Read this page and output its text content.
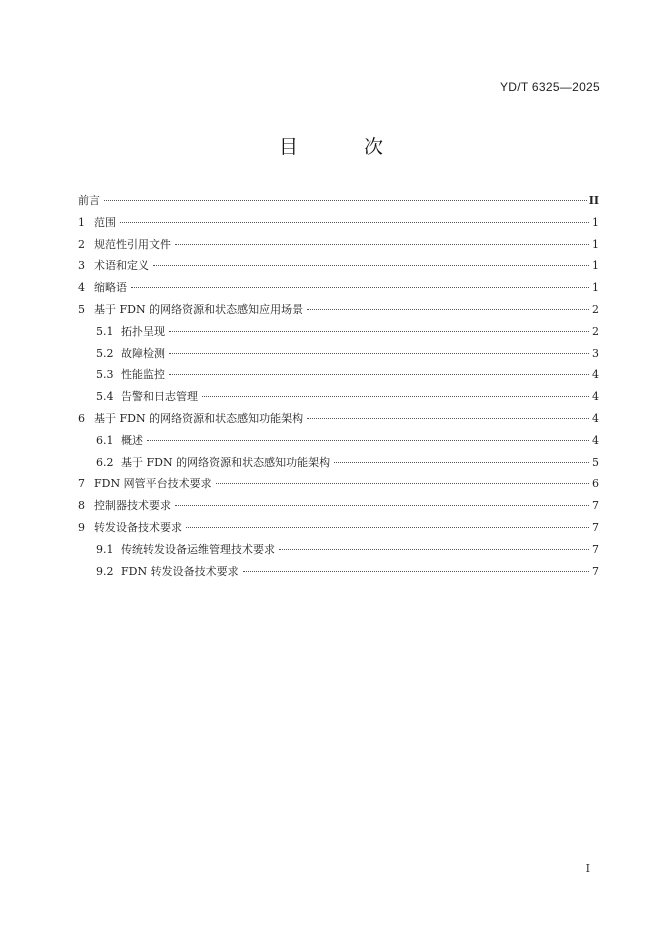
YD/T 6325—2025
目 次
前言	II
1 范围	1
2 规范性引用文件	1
3 术语和定义	1
4 缩略语	1
5 基于 FDN 的网络资源和状态感知应用场景	2
5.1 拓扑呈现	2
5.2 故障检测	3
5.3 性能监控	4
5.4 告警和日志管理	4
6 基于 FDN 的网络资源和状态感知功能架构	4
6.1 概述	4
6.2 基于 FDN 的网络资源和状态感知功能架构	5
7 FDN 网管平台技术要求	6
8 控制器技术要求	7
9 转发设备技术要求	7
9.1 传统转发设备运维管理技术要求	7
9.2 FDN 转发设备技术要求	7
I
